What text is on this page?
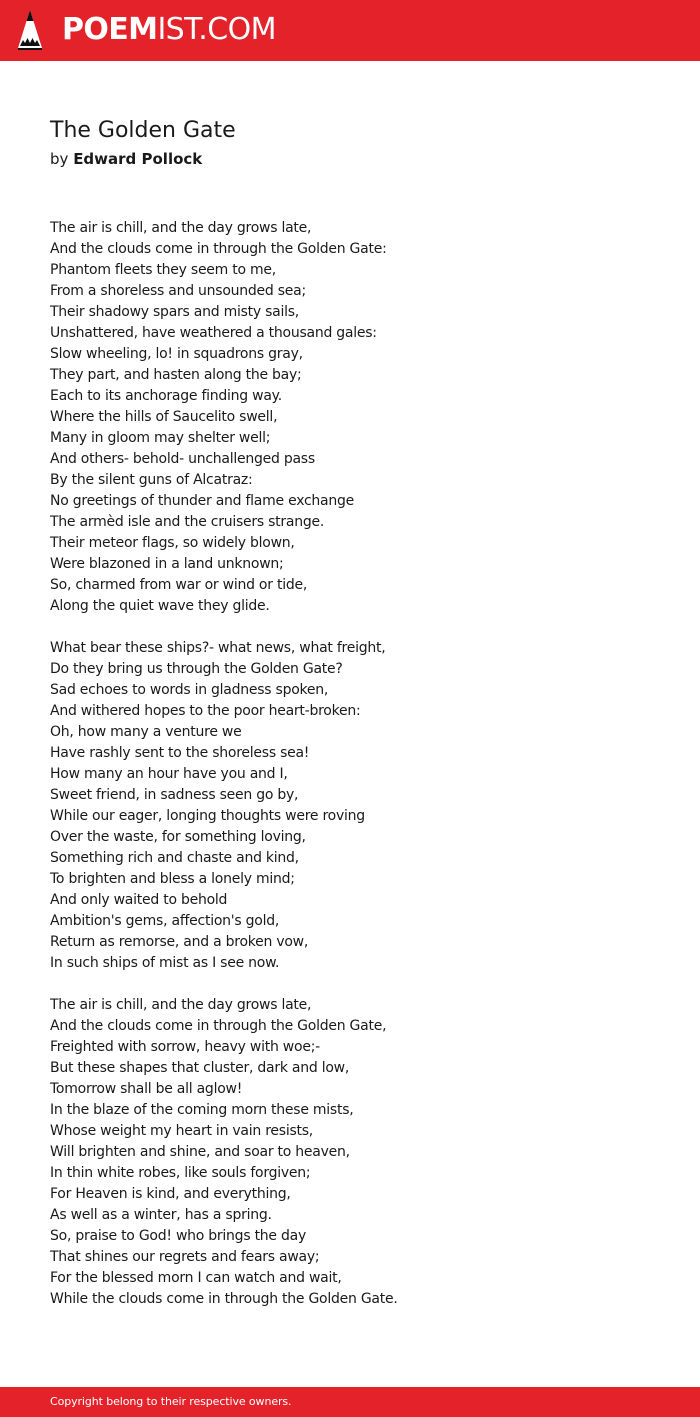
POEMIST.COM
The Golden Gate
by Edward Pollock
The air is chill, and the day grows late,
And the clouds come in through the Golden Gate:
Phantom fleets they seem to me,
From a shoreless and unsounded sea;
Their shadowy spars and misty sails,
Unshattered, have weathered a thousand gales:
Slow wheeling, lo! in squadrons gray,
They part, and hasten along the bay;
Each to its anchorage finding way.
Where the hills of Saucelito swell,
Many in gloom may shelter well;
And others- behold- unchallenged pass
By the silent guns of Alcatraz:
No greetings of thunder and flame exchange
The armèd isle and the cruisers strange.
Their meteor flags, so widely blown,
Were blazoned in a land unknown;
So, charmed from war or wind or tide,
Along the quiet wave they glide.
What bear these ships?- what news, what freight,
Do they bring us through the Golden Gate?
Sad echoes to words in gladness spoken,
And withered hopes to the poor heart-broken:
Oh, how many a venture we
Have rashly sent to the shoreless sea!
How many an hour have you and I,
Sweet friend, in sadness seen go by,
While our eager, longing thoughts were roving
Over the waste, for something loving,
Something rich and chaste and kind,
To brighten and bless a lonely mind;
And only waited to behold
Ambition's gems, affection's gold,
Return as remorse, and a broken vow,
In such ships of mist as I see now.
The air is chill, and the day grows late,
And the clouds come in through the Golden Gate,
Freighted with sorrow, heavy with woe;-
But these shapes that cluster, dark and low,
Tomorrow shall be all aglow!
In the blaze of the coming morn these mists,
Whose weight my heart in vain resists,
Will brighten and shine, and soar to heaven,
In thin white robes, like souls forgiven;
For Heaven is kind, and everything,
As well as a winter, has a spring.
So, praise to God! who brings the day
That shines our regrets and fears away;
For the blessed morn I can watch and wait,
While the clouds come in through the Golden Gate.
Copyright belong to their respective owners.
